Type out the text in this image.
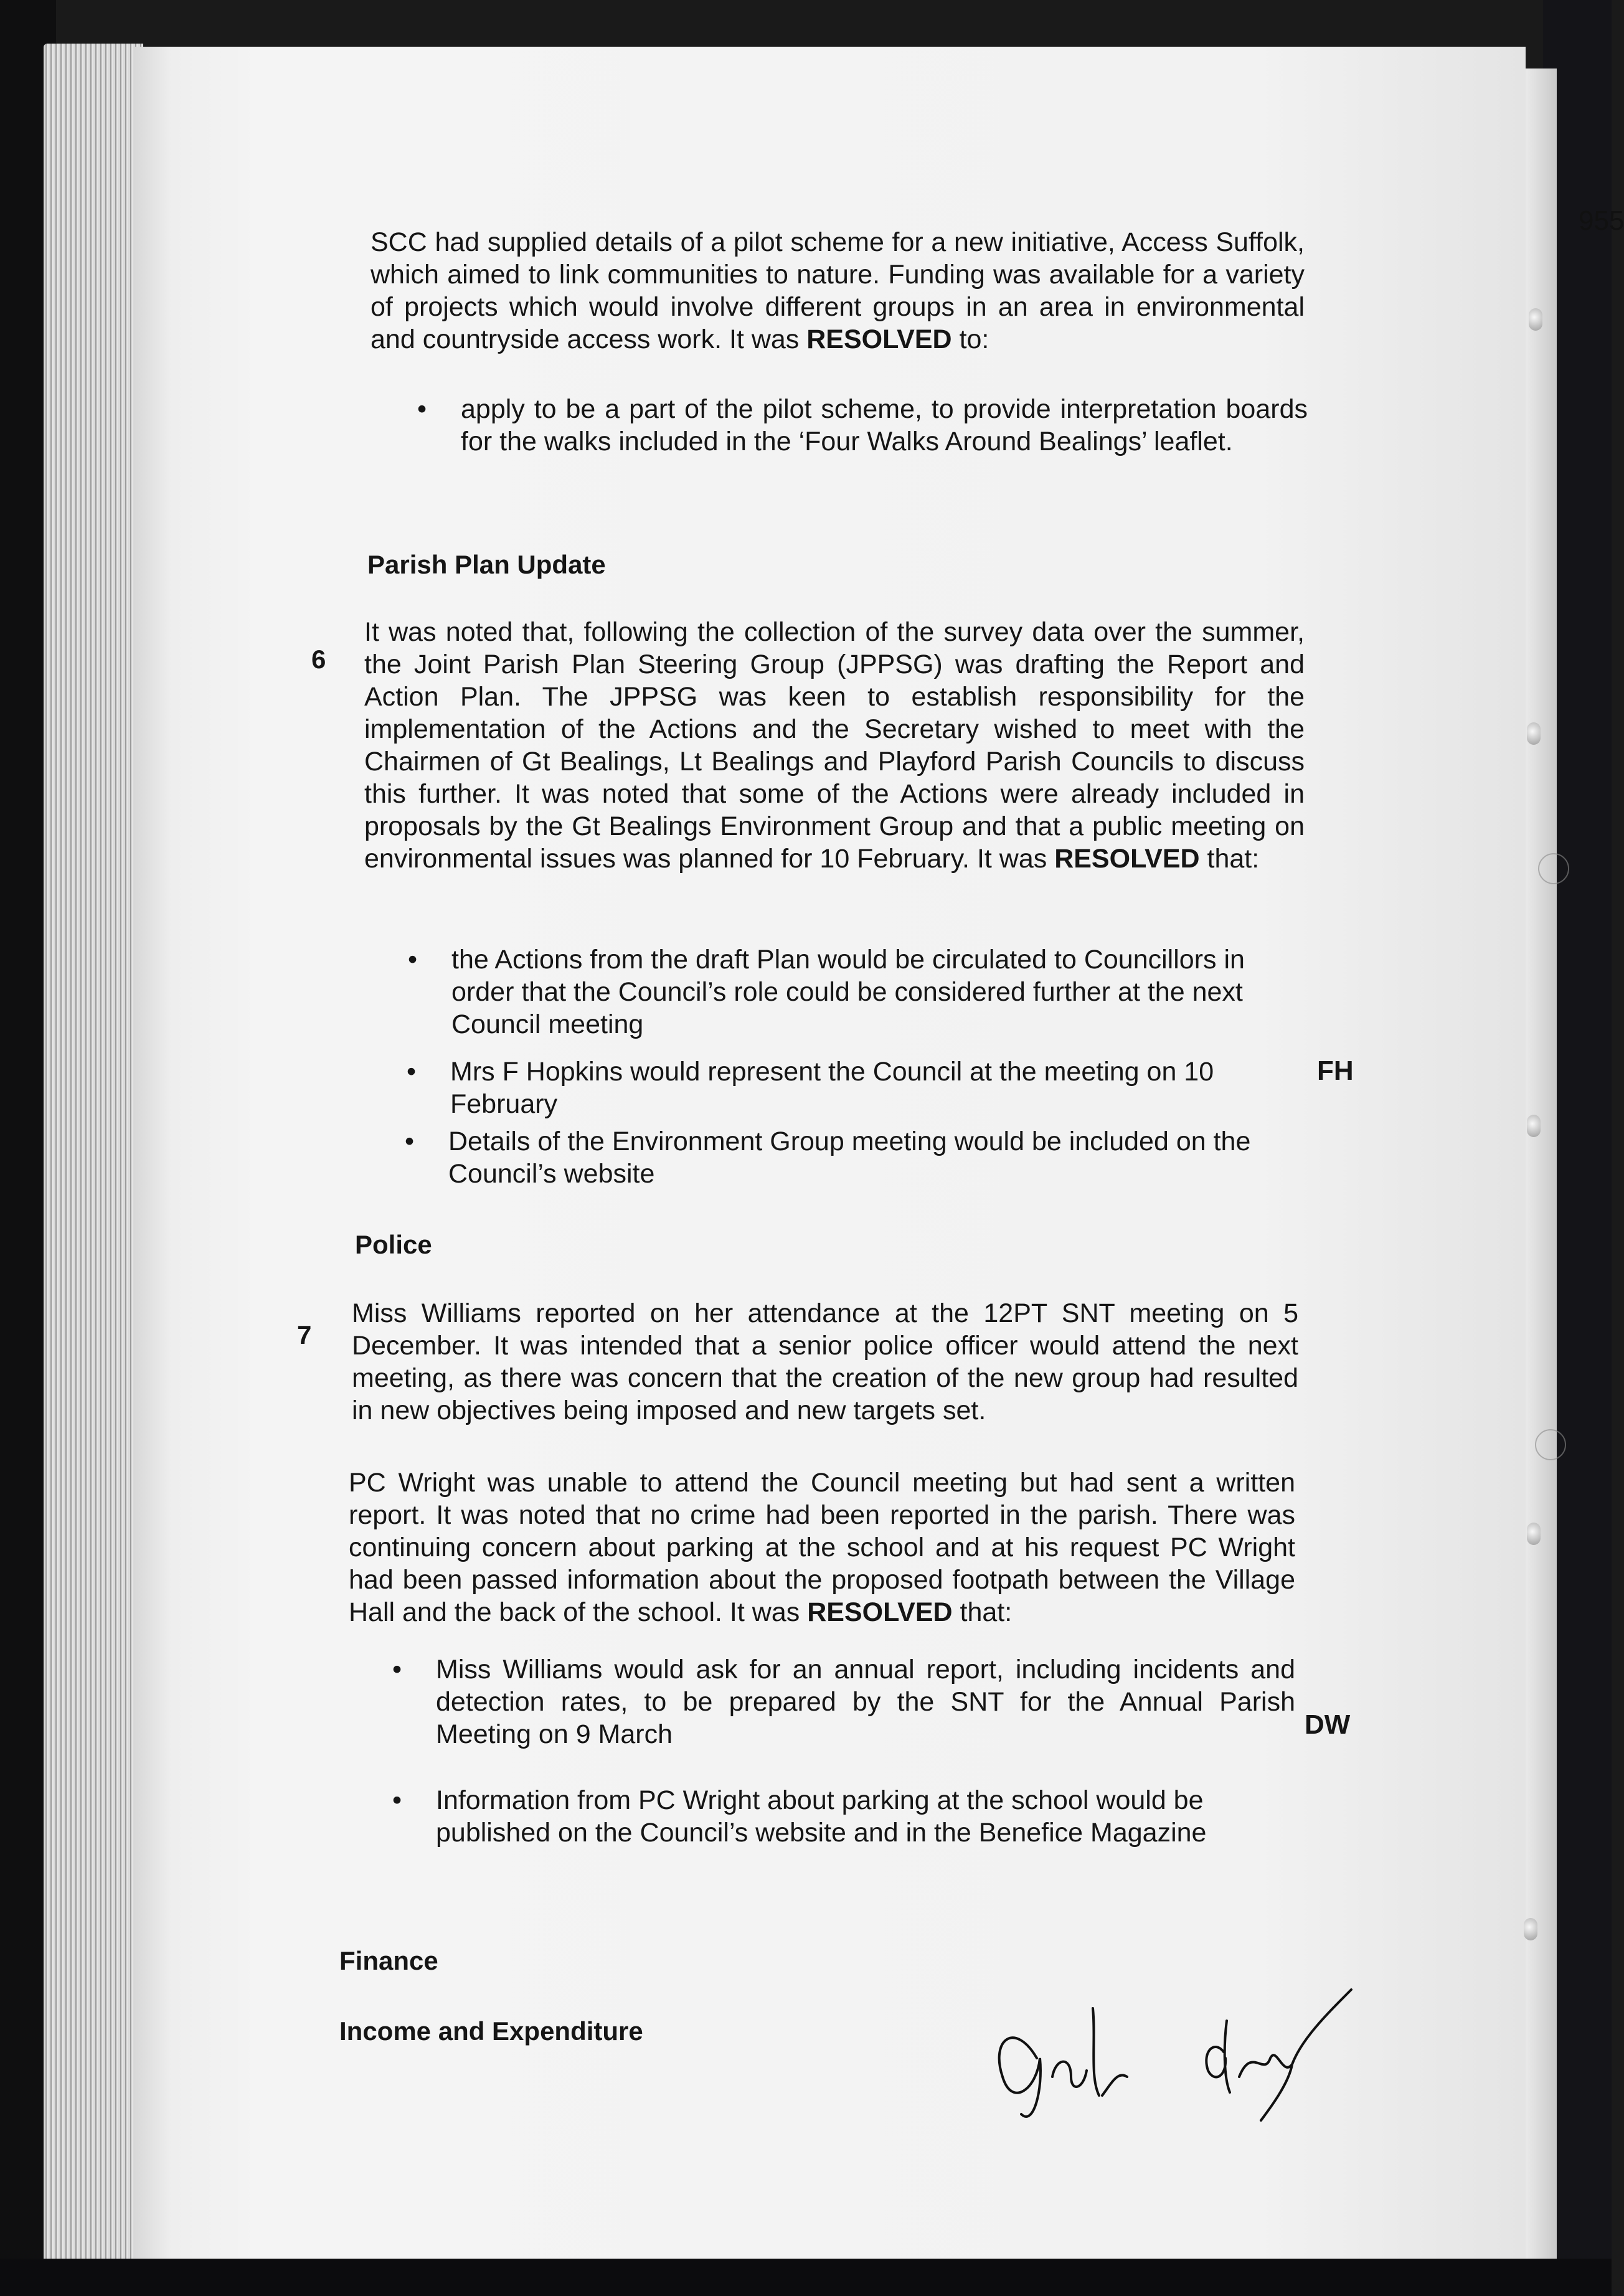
955
SCC had supplied details of a pilot scheme for a new initiative, Access Suffolk, which aimed to link communities to nature. Funding was available for a variety of projects which would involve different groups in an area in environmental and countryside access work. It was RESOLVED to:
• apply to be a part of the pilot scheme, to provide interpretation boards for the walks included in the ‘Four Walks Around Bealings’ leaflet.
Parish Plan Update
6
It was noted that, following the collection of the survey data over the summer, the Joint Parish Plan Steering Group (JPPSG) was drafting the Report and Action Plan. The JPPSG was keen to establish responsibility for the implementation of the Actions and the Secretary wished to meet with the Chairmen of Gt Bealings, Lt Bealings and Playford Parish Councils to discuss this further. It was noted that some of the Actions were already included in proposals by the Gt Bealings Environment Group and that a public meeting on environmental issues was planned for 10 February. It was RESOLVED that:
• the Actions from the draft Plan would be circulated to Councillors in order that the Council’s role could be considered further at the next Council meeting
• Mrs F Hopkins would represent the Council at the meeting on 10 February
FH
• Details of the Environment Group meeting would be included on the Council’s website
Police
7
Miss Williams reported on her attendance at the 12PT SNT meeting on 5 December. It was intended that a senior police officer would attend the next meeting, as there was concern that the creation of the new group had resulted in new objectives being imposed and new targets set.
PC Wright was unable to attend the Council meeting but had sent a written report. It was noted that no crime had been reported in the parish. There was continuing concern about parking at the school and at his request PC Wright had been passed information about the proposed footpath between the Village Hall and the back of the school. It was RESOLVED that:
• Miss Williams would ask for an annual report, including incidents and detection rates, to be prepared by the SNT for the Annual Parish Meeting on 9 March	DW
• Information from PC Wright about parking at the school would be published on the Council’s website and in the Benefice Magazine
Finance
Income and Expenditure
